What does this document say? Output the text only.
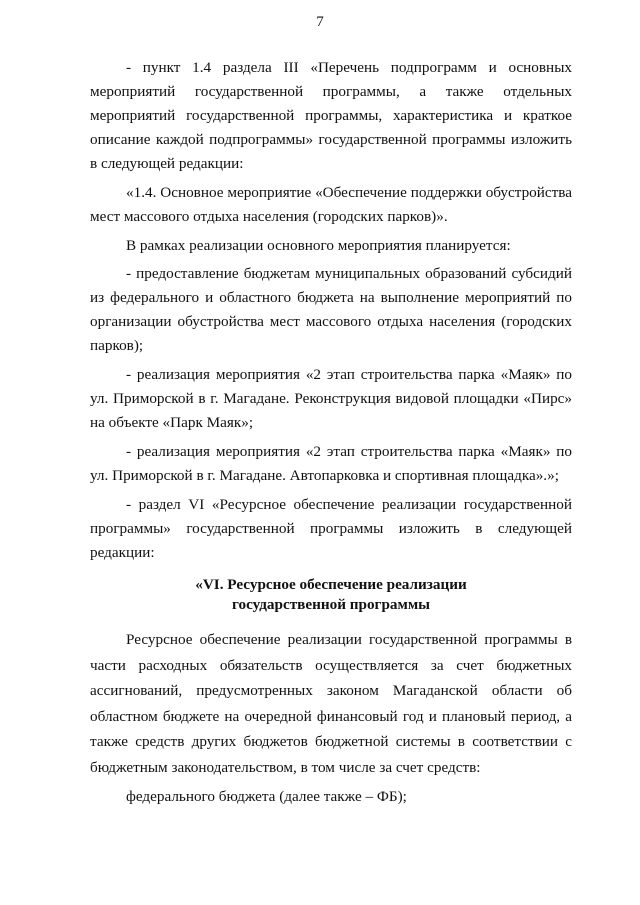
7

- пункт 1.4 раздела III «Перечень подпрограмм и основных мероприятий государственной программы, а также отдельных мероприятий государственной программы, характеристика и краткое описание каждой подпрограммы» государственной программы изложить в следующей редакции:

«1.4. Основное мероприятие «Обеспечение поддержки обустройства мест массового отдыха населения (городских парков)».

В рамках реализации основного мероприятия планируется:

- предоставление бюджетам муниципальных образований субсидий из федерального и областного бюджета на выполнение мероприятий по организации обустройства мест массового отдыха населения (городских парков);

- реализация мероприятия «2 этап строительства парка «Маяк» по ул. Приморской в г. Магадане. Реконструкция видовой площадки «Пирс» на объекте «Парк Маяк»;

- реализация мероприятия «2 этап строительства парка «Маяк» по ул. Приморской в г. Магадане. Автопарковка и спортивная площадка».»;

- раздел VI «Ресурсное обеспечение реализации государственной программы» государственной программы изложить в следующей редакции:

«VI. Ресурсное обеспечение реализации
государственной программы

Ресурсное обеспечение реализации государственной программы в части расходных обязательств осуществляется за счет бюджетных ассигнований, предусмотренных законом Магаданской области об областном бюджете на очередной финансовый год и плановый период, а также средств других бюджетов бюджетной системы в соответствии с бюджетным законодательством, в том числе за счет средств:

федерального бюджета (далее также – ФБ);
